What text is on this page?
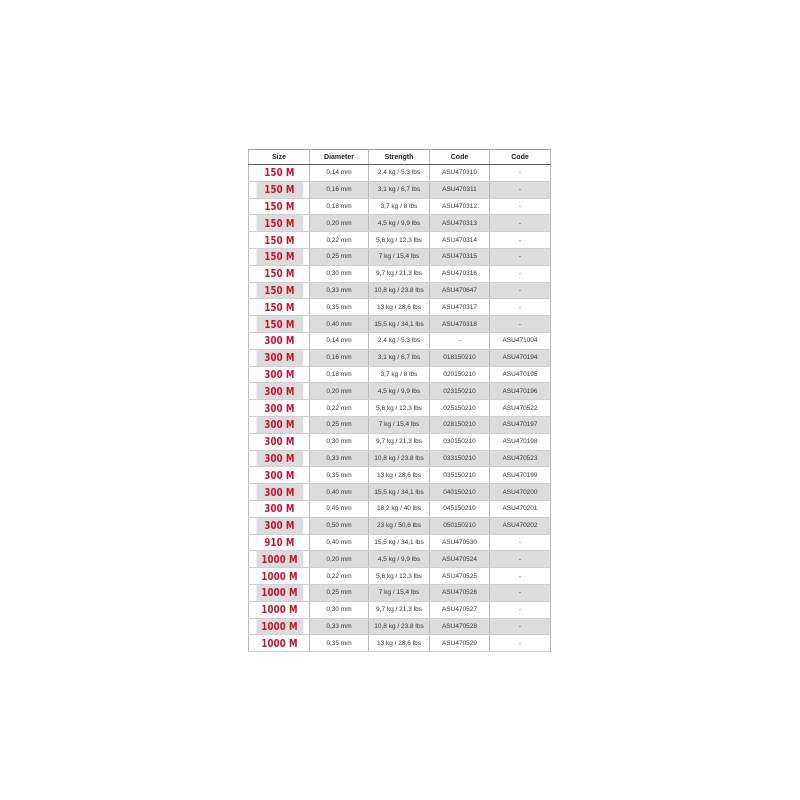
Size	Diameter	Strength	Code	Code
150 M	0,14 mm	2,4 kg / 5,3 lbs	ASU470310	-
150 M	0,16 mm	3,1 kg / 6,7 lbs	ASU470311	-
150 M	0,18 mm	3,7 kg / 8 lbs	ASU470312	-
150 M	0,20 mm	4,5 kg / 9,9 lbs	ASU470313	-
150 M	0,22 mm	5,6 kg / 12,3 lbs	ASU470314	-
150 M	0,25 mm	7 kg / 15,4 lbs	ASU470315	-
150 M	0,30 mm	9,7 kg / 21,3 lbs	ASU470316	-
150 M	0,33 mm	10,8 kg / 23.8 lbs	ASU470647	-
150 M	0,35 mm	13 kg / 28,6 lbs	ASU470317	-
150 M	0,40 mm	15,5 kg / 34,1 lbs	ASU470318	-
300 M	0,14 mm	2,4 kg / 5,3 lbs	-	ASU471004
300 M	0,16 mm	3,1 kg / 6,7 lbs	018150210	ASU470194
300 M	0,18 mm	3,7 kg / 8 lbs	020150210	ASU470195
300 M	0,20 mm	4,5 kg / 9,9 lbs	023150210	ASU470196
300 M	0,22 mm	5,6 kg / 12,3 lbs	025150210	ASU470522
300 M	0,25 mm	7 kg / 15,4 lbs	028150210	ASU470197
300 M	0,30 mm	9,7 kg / 21,3 lbs	030150210	ASU470198
300 M	0,33 mm	10,8 kg / 23.8 lbs	033150210	ASU470523
300 M	0,35 mm	13 kg / 28,6 lbs	035150210	ASU470199
300 M	0,40 mm	15,5 kg / 34,1 lbs	040150210	ASU470200
300 M	0,45 mm	18,2 kg / 40 lbs	045150210	ASU470201
300 M	0,50 mm	23 kg / 50,6 lbs	050150210	ASU470202
910 M	0,40 mm	15,5 kg / 34,1 lbs	ASU470530	-
1000 M	0,20 mm	4,5 kg / 9,9 lbs	ASU470524	-
1000 M	0,22 mm	5,6 kg / 12,3 lbs	ASU470525	-
1000 M	0,25 mm	7 kg / 15,4 lbs	ASU470526	-
1000 M	0,30 mm	9,7 kg / 21,3 lbs	ASU470527	-
1000 M	0,33 mm	10,8 kg / 23.8 lbs	ASU470528	-
1000 M	0,35 mm	13 kg / 28,6 lbs	ASU470529	-
